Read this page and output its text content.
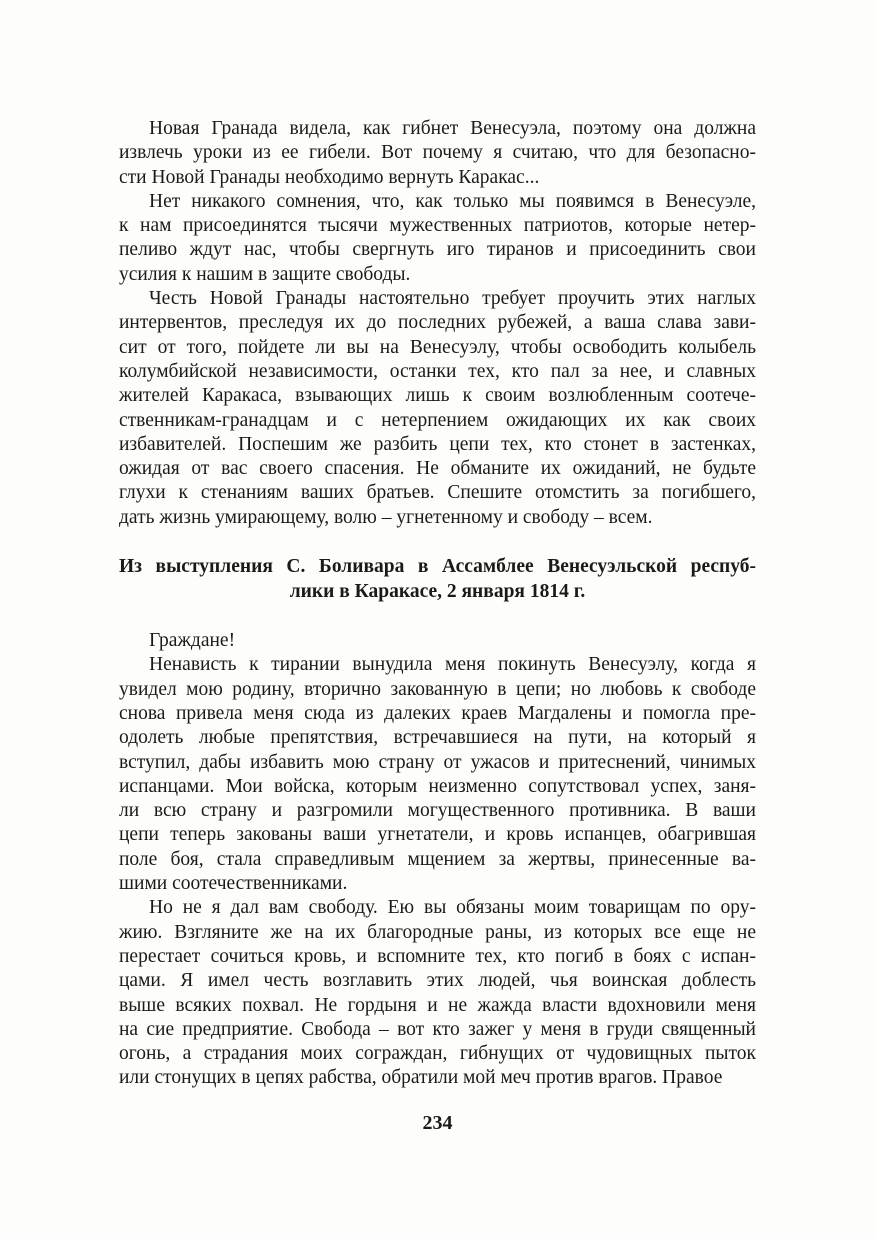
Новая Гранада видела, как гибнет Венесуэла, поэтому она должна
извлечь уроки из ее гибели. Вот почему я считаю, что для безопасно-
сти Новой Гранады необходимо вернуть Каракас...
Нет никакого сомнения, что, как только мы появимся в Венесуэле,
к нам присоединятся тысячи мужественных патриотов, которые нетер-
пеливо ждут нас, чтобы свергнуть иго тиранов и присоединить свои
усилия к нашим в защите свободы.
Честь Новой Гранады настоятельно требует проучить этих наглых
интервентов, преследуя их до последних рубежей, а ваша слава зави-
сит от того, пойдете ли вы на Венесуэлу, чтобы освободить колыбель
колумбийской независимости, останки тех, кто пал за нее, и славных
жителей Каракаса, взывающих лишь к своим возлюбленным соотече-
ственникам-гранадцам и с нетерпением ожидающих их как своих
избавителей. Поспешим же разбить цепи тех, кто стонет в застенках,
ожидая от вас своего спасения. Не обманите их ожиданий, не будьте
глухи к стенаниям ваших братьев. Спешите отомстить за погибшего,
дать жизнь умирающему, волю – угнетенному и свободу – всем.
Из выступления С. Боливара в Ассамблее Венесуэльской респуб-
лики в Каракасе, 2 января 1814 г.
Граждане!
Ненависть к тирании вынудила меня покинуть Венесуэлу, когда я
увидел мою родину, вторично закованную в цепи; но любовь к свободе
снова привела меня сюда из далеких краев Магдалены и помогла пре-
одолеть любые препятствия, встречавшиеся на пути, на который я
вступил, дабы избавить мою страну от ужасов и притеснений, чинимых
испанцами. Мои войска, которым неизменно сопутствовал успех, заня-
ли всю страну и разгромили могущественного противника. В ваши
цепи теперь закованы ваши угнетатели, и кровь испанцев, обагрившая
поле боя, стала справедливым мщением за жертвы, принесенные ва-
шими соотечественниками.
Но не я дал вам свободу. Ею вы обязаны моим товарищам по ору-
жию. Взгляните же на их благородные раны, из которых все еще не
перестает сочиться кровь, и вспомните тех, кто погиб в боях с испан-
цами. Я имел честь возглавить этих людей, чья воинская доблесть
выше всяких похвал. Не гордыня и не жажда власти вдохновили меня
на сие предприятие. Свобода – вот кто зажег у меня в груди священный
огонь, а страдания моих сограждан, гибнущих от чудовищных пыток
или стонущих в цепях рабства, обратили мой меч против врагов. Правое
234
